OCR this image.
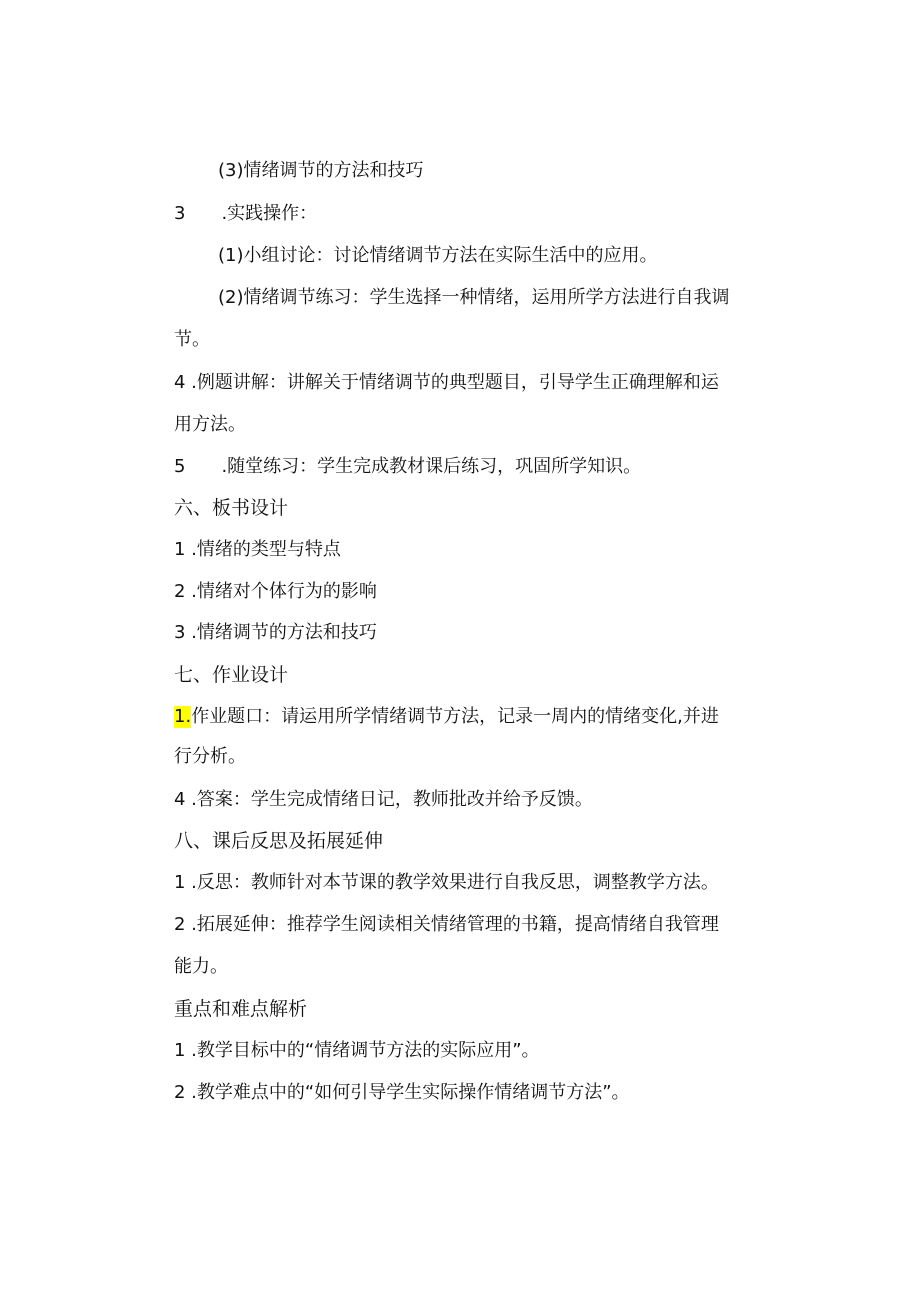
(3)情绪调节的方法和技巧
3 .实践操作：
(1)小组讨论：讨论情绪调节方法在实际生活中的应用。
(2)情绪调节练习：学生选择一种情绪，运用所学方法进行自我调
节。
4 .例题讲解：讲解关于情绪调节的典型题目，引导学生正确理解和运
用方法。
5 .随堂练习：学生完成教材课后练习，巩固所学知识。
六、板书设计
1 .情绪的类型与特点
2 .情绪对个体行为的影响
3 .情绪调节的方法和技巧
七、作业设计
1.作业题口：请运用所学情绪调节方法，记录一周内的情绪变化,并进
行分析。
4 .答案：学生完成情绪日记，教师批改并给予反馈。
八、课后反思及拓展延伸
1 .反思：教师针对本节课的教学效果进行自我反思，调整教学方法。
2 .拓展延伸：推荐学生阅读相关情绪管理的书籍，提高情绪自我管理
能力。
重点和难点解析
1 .教学目标中的“情绪调节方法的实际应用”。
2 .教学难点中的“如何引导学生实际操作情绪调节方法”。
